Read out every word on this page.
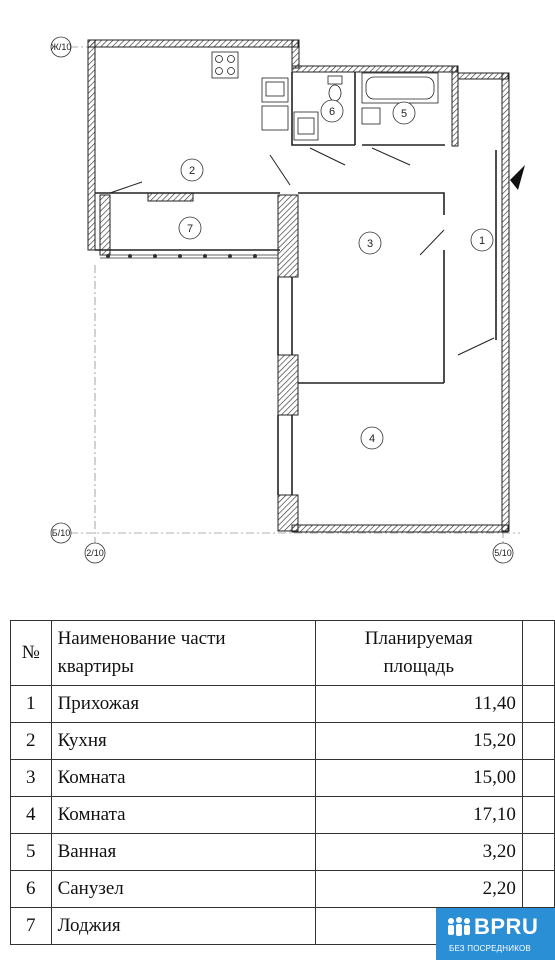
Ж/10
Б/10
2/10	5/10
1
2
3
4
5
6
7
№	Наименование части
квартиры	Планируемая
площадь	
1	Прихожая	11,40	
2	Кухня	15,20	
3	Комната	15,00	
4	Комната	17,10	
5	Ванная	3,20	
6	Санузел	2,20	
7	Лоджия			BPRU
БЕЗ ПОСРЕДНИКОВ
